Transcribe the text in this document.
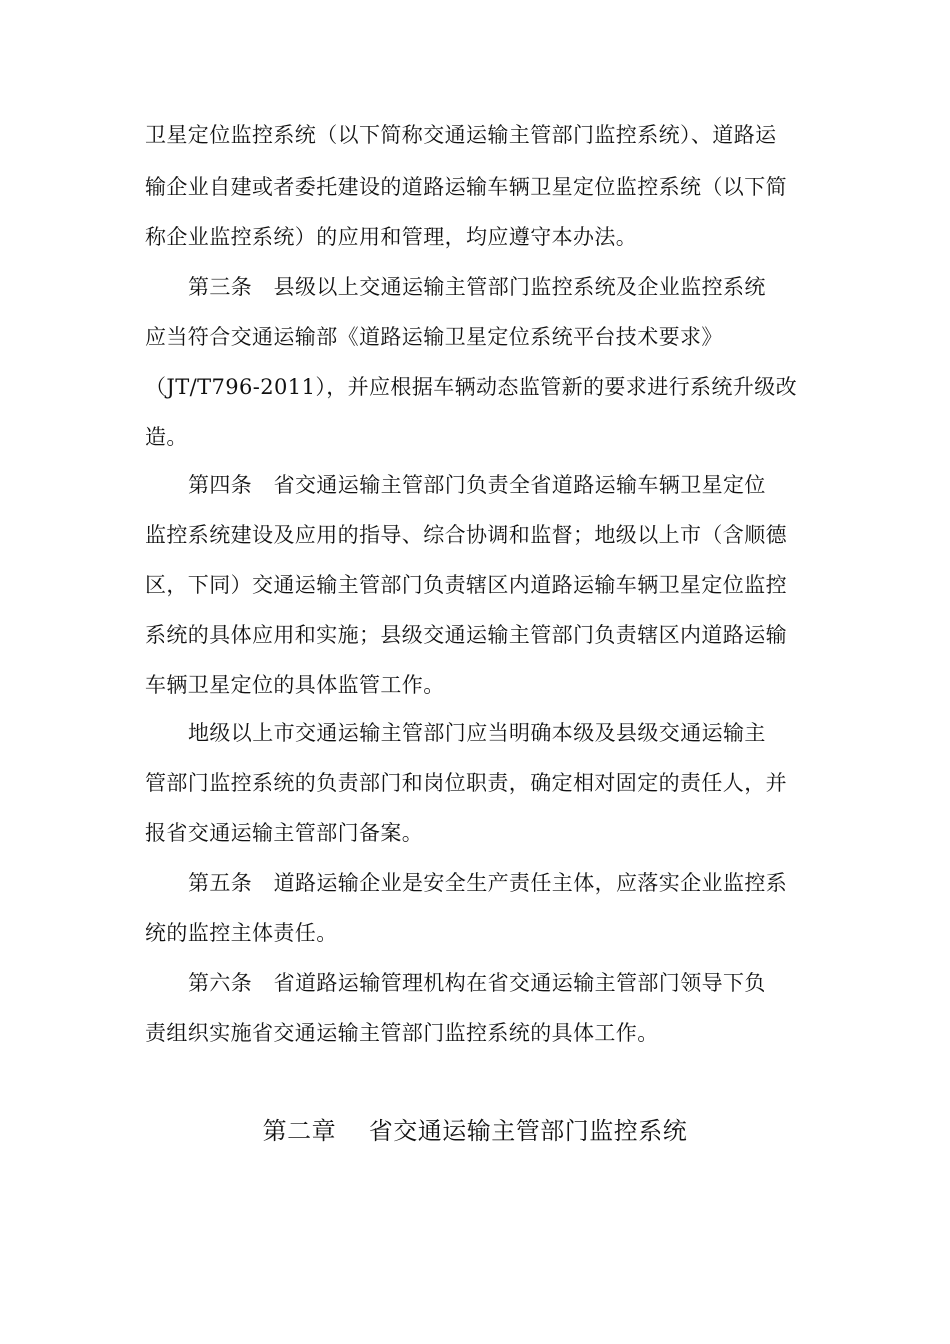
卫星定位监控系统（以下简称交通运输主管部门监控系统）、道路运
输企业自建或者委托建设的道路运输车辆卫星定位监控系统（以下简
称企业监控系统）的应用和管理，均应遵守本办法。
第三条　县级以上交通运输主管部门监控系统及企业监控系统
应当符合交通运输部《道路运输卫星定位系统平台技术要求》
（JT/T796-2011），并应根据车辆动态监管新的要求进行系统升级改
造。
第四条　省交通运输主管部门负责全省道路运输车辆卫星定位
监控系统建设及应用的指导、综合协调和监督；地级以上市（含顺德
区，下同）交通运输主管部门负责辖区内道路运输车辆卫星定位监控
系统的具体应用和实施；县级交通运输主管部门负责辖区内道路运输
车辆卫星定位的具体监管工作。
地级以上市交通运输主管部门应当明确本级及县级交通运输主
管部门监控系统的负责部门和岗位职责，确定相对固定的责任人，并
报省交通运输主管部门备案。
第五条　道路运输企业是安全生产责任主体，应落实企业监控系
统的监控主体责任。
第六条　省道路运输管理机构在省交通运输主管部门领导下负
责组织实施省交通运输主管部门监控系统的具体工作。
第二章　 省交通运输主管部门监控系统
